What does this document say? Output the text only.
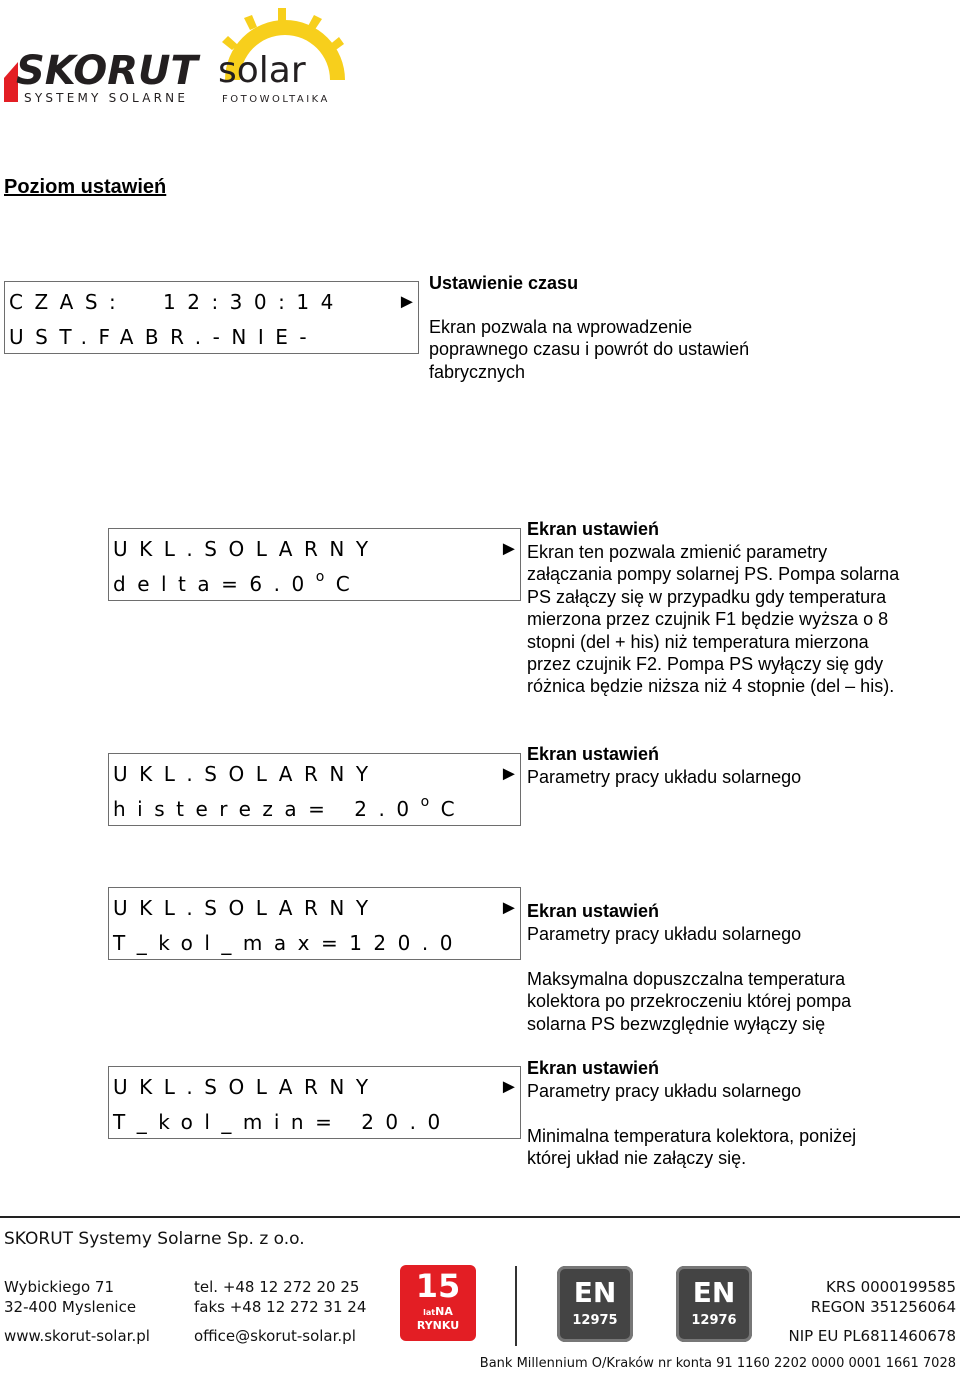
SKORUT solar
SYSTEMY SOLARNE	FOTOWOLTAIKA
Poziom ustawień

CZAS:  12:30:14

UST.FABR.-NIE-

►
Ustawienie czasu
Ekran pozwala na wprowadzenie
poprawnego czasu i powrót do ustawień
fabrycznych

UKL.SOLARNY

$delta=6.0^oC$

►
Ekran ustawień
Ekran ten pozwala zmienić parametry
załączania pompy solarnej PS. Pompa solarna
PS załączy się w przypadku gdy temperatura
mierzona przez czujnik F1 będzie wyższa o 8
stopni (del + his) niż temperatura mierzona
przez czujnik F2. Pompa PS wyłączy się gdy
różnica będzie niższa niż 4 stopnie (del – his).

UKL.SOLARNY

histereza= $2.0^oC$

►
Ekran ustawień
Parametry pracy układu solarnego

UKL.SOLARNY

T_kol_max=120.0

► Ekran ustawień
Parametry pracy układu solarnego
Maksymalna dopuszczalna temperatura
kolektora po przekroczeniu której pompa
solarna PS bezwzględnie wyłączy się

UKL.SOLARNY

T_kol_min= 20.0

►
Ekran ustawień
Parametry pracy układu solarnego
Minimalna temperatura kolektora, poniżej
której układ nie załączy się.
SKORUT Systemy Solarne Sp. z o.o.
Wybickiego 71
32-400 Myslenice
www.skorut-solar.pl
tel. +48 12 272 20 25
faks +48 12 272 31 24
office@skorut-solar.pl
15
latNA
RYNKU
EN
12975
EN
12976
KRS 0000199585
REGON 351256064
NIP EU PL6811460678
Bank Millennium O/Kraków nr konta 91 1160 2202 0000 0001 1661 7028
